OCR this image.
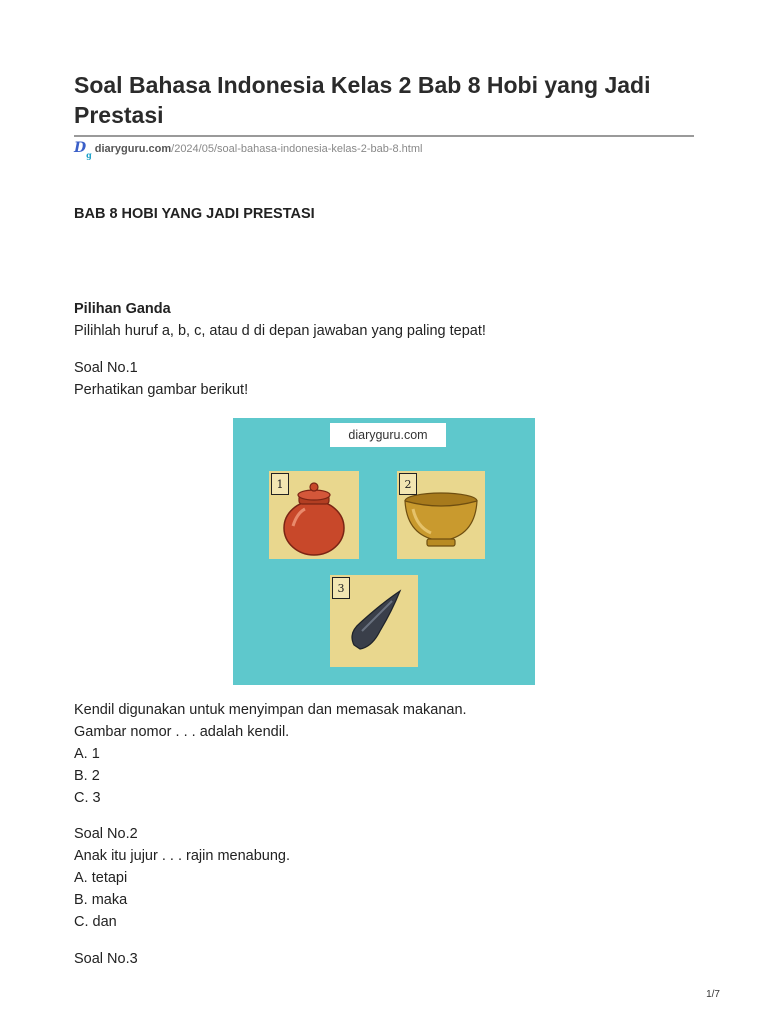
Soal Bahasa Indonesia Kelas 2 Bab 8 Hobi yang Jadi Prestasi
$D_g$ diaryguru.com /2024/05/soal-bahasa-indonesia-kelas-2-bab-8.html
BAB 8 HOBI YANG JADI PRESTASI
Pilihan Ganda
Pilihlah huruf a, b, c, atau d di depan jawaban yang paling tepat!
Soal No.1
Perhatikan gambar berikut!
diaryguru.com
1	2
3
Kendil digunakan untuk menyimpan dan memasak makanan.
Gambar nomor . . . adalah kendil.
A. 1
B. 2
C. 3
Soal No.2
Anak itu jujur . . . rajin menabung.
A. tetapi
B. maka
C. dan
Soal No.3
1/7
